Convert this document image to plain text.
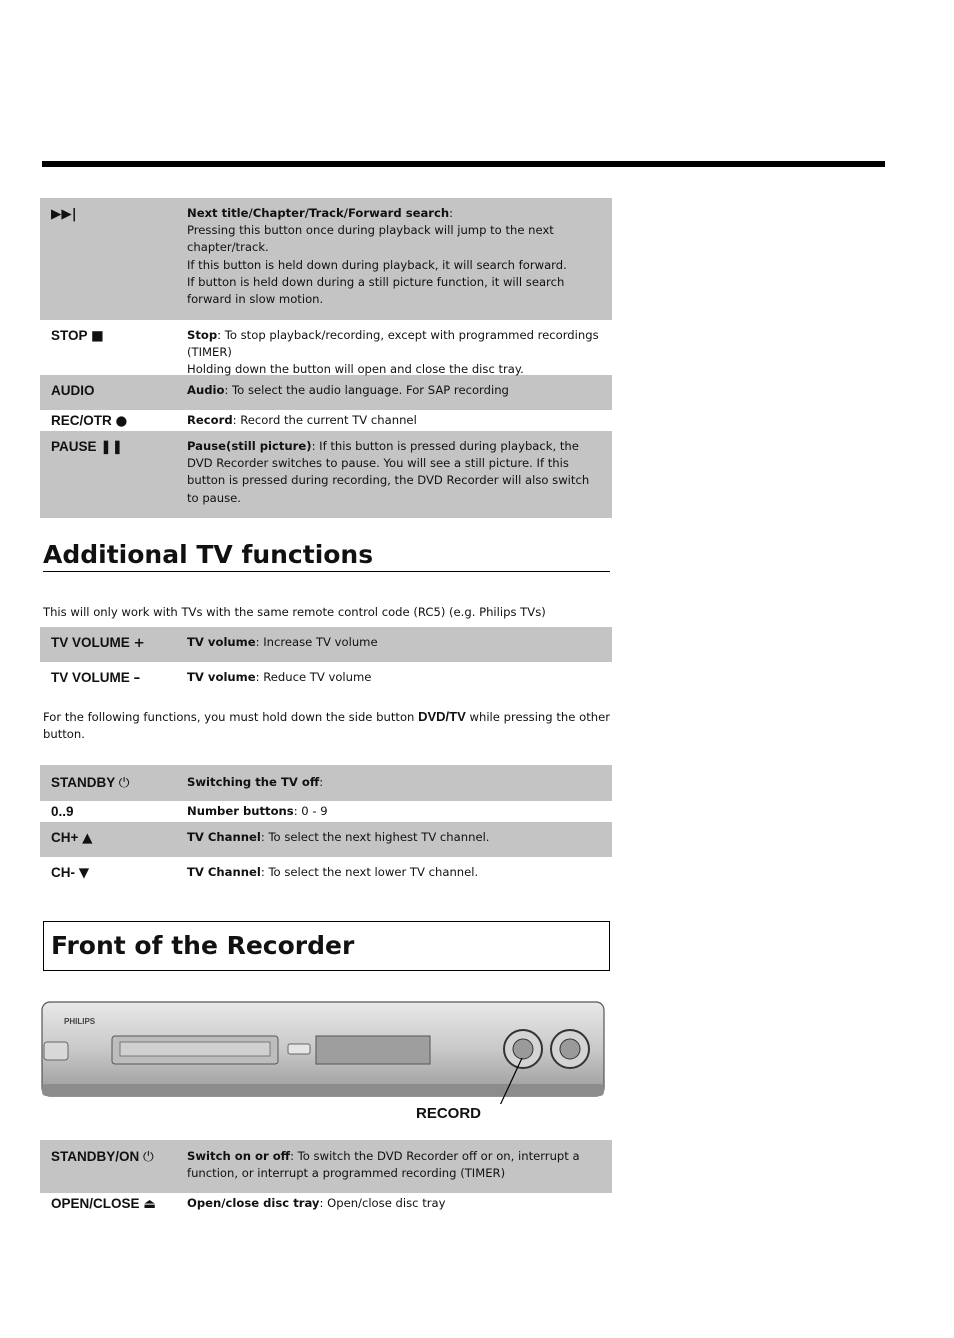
▶▶|	Next title/Chapter/Track/Forward search:
Pressing this button once during playback will jump to the next
chapter/track.
If this button is held down during playback, it will search forward.
If button is held down during a still picture function, it will search
forward in slow motion.
STOP ■	Stop: To stop playback/recording, except with programmed recordings
(TIMER)
Holding down the button will open and close the disc tray.
AUDIO	Audio: To select the audio language. For SAP recording
REC/OTR ●	Record: Record the current TV channel
PAUSE ❚❚	Pause(still picture): If this button is pressed during playback, the
DVD Recorder switches to pause. You will see a still picture. If this
button is pressed during recording, the DVD Recorder will also switch
to pause.
Additional TV functions
This will only work with TVs with the same remote control code (RC5) (e.g. Philips TVs)
TV VOLUME +	TV volume: Increase TV volume
TV VOLUME –	TV volume: Reduce TV volume
For the following functions, you must hold down the side button DVD/TV while pressing the other button.
STANDBY ⏻	Switching the TV off:
0..9	Number buttons: 0 - 9
CH+ ▲	TV Channel: To select the next highest TV channel.
CH- ▼	TV Channel: To select the next lower TV channel.
Front of the Recorder
PHILIPS
RECORD
STANDBY/ON ⏻	Switch on or off: To switch the DVD Recorder off or on, interrupt a
function, or interrupt a programmed recording (TIMER)
OPEN/CLOSE ⏏	Open/close disc tray: Open/close disc tray
